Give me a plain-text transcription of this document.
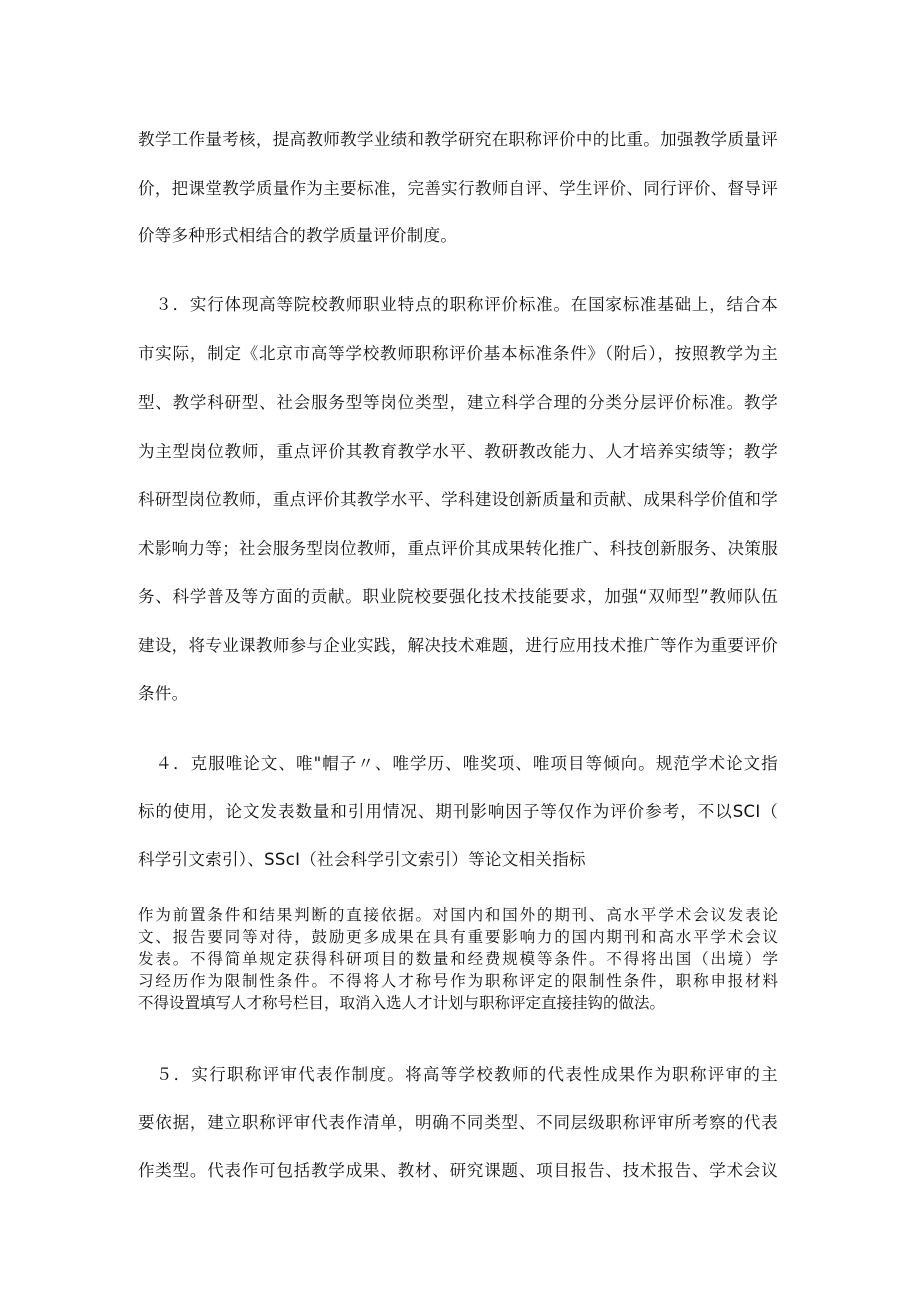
教学工作量考核，提高教师教学业绩和教学研究在职称评价中的比重。加强教学质量评
价，把课堂教学质量作为主要标准，完善实行教师自评、学生评价、同行评价、督导评
价等多种形式相结合的教学质量评价制度。
　３．实行体现高等院校教师职业特点的职称评价标准。在国家标准基础上，结合本
市实际，制定《北京市高等学校教师职称评价基本标准条件》（附后），按照教学为主
型、教学科研型、社会服务型等岗位类型，建立科学合理的分类分层评价标准。教学
为主型岗位教师，重点评价其教育教学水平、教研教改能力、人才培养实绩等；教学
科研型岗位教师，重点评价其教学水平、学科建设创新质量和贡献、成果科学价值和学
术影响力等；社会服务型岗位教师，重点评价其成果转化推广、科技创新服务、决策服
务、科学普及等方面的贡献。职业院校要强化技术技能要求，加强“双师型”教师队伍
建设，将专业课教师参与企业实践，解决技术难题，进行应用技术推广等作为重要评价
条件。
　４．克服唯论文、唯"帽子〃、唯学历、唯奖项、唯项目等倾向。规范学术论文指
标的使用，论文发表数量和引用情况、期刊影响因子等仅作为评价参考，不以SCI（
科学引文索引）、SScI（社会科学引文索引）等论文相关指标
作为前置条件和结果判断的直接依据。对国内和国外的期刊、高水平学术会议发表论
文、报告要同等对待，鼓励更多成果在具有重要影响力的国内期刊和高水平学术会议
发表。不得简单规定获得科研项目的数量和经费规模等条件。不得将出国（出境）学
习经历作为限制性条件。不得将人才称号作为职称评定的限制性条件，职称申报材料
不得设置填写人才称号栏目，取消入选人才计划与职称评定直接挂钩的做法。
　５．实行职称评审代表作制度。将高等学校教师的代表性成果作为职称评审的主
要依据，建立职称评审代表作清单，明确不同类型、不同层级职称评审所考察的代表
作类型。代表作可包括教学成果、教材、研究课题、项目报告、技术报告、学术会议
